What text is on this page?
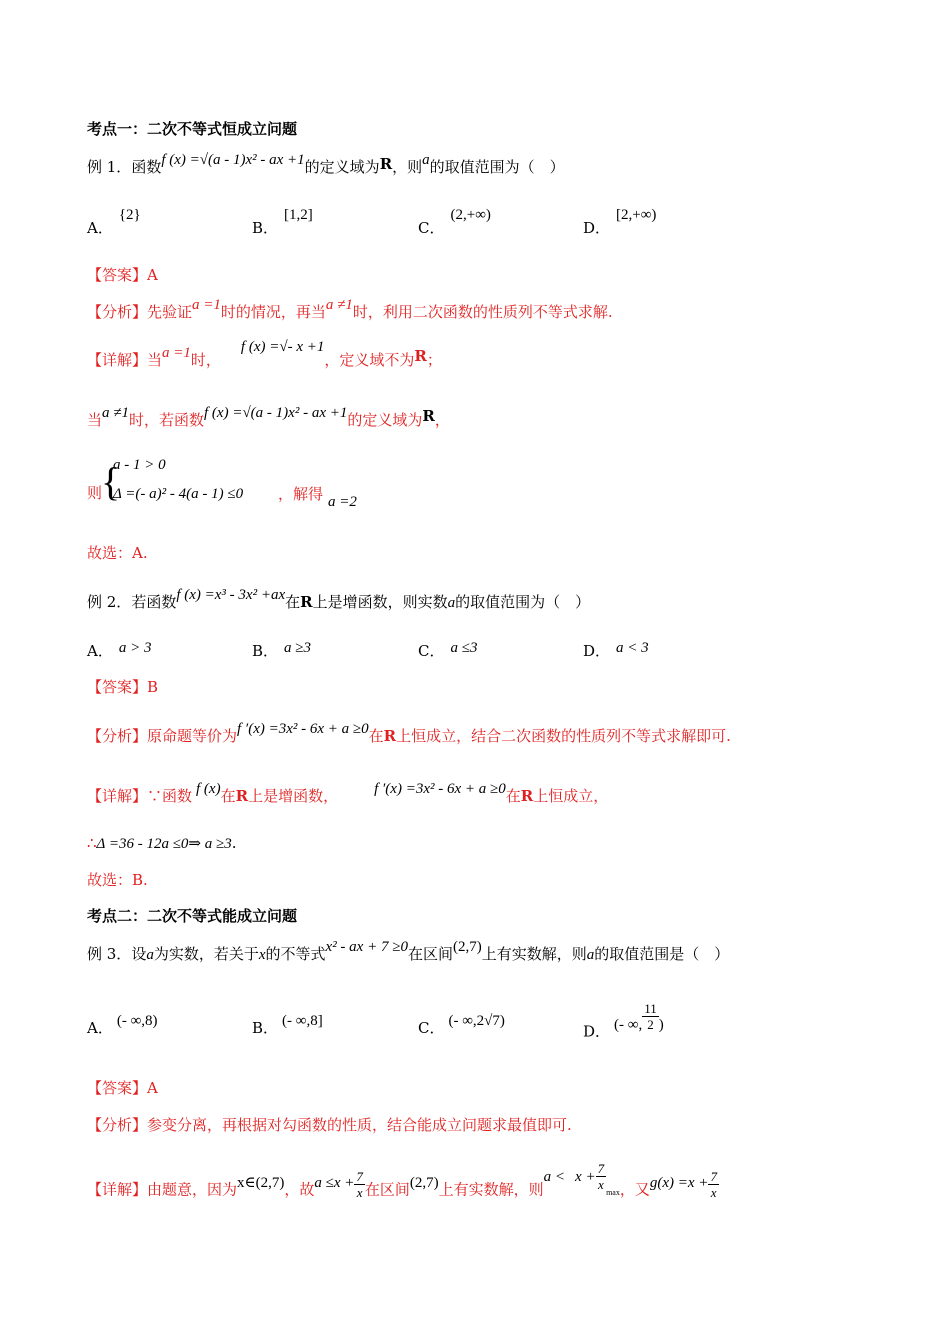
考点一：二次不等式恒成立问题
例 1．函数f (x) =√(a - 1)x² - ax +1的定义域为R，则a的取值范围为（　）
A．{2}
B．[1,2]
C．(2,+∞)
D．[2,+∞)
【答案】A
【分析】先验证a =1时的情况，再当a ≠1时，利用二次函数的性质列不等式求解.
【详解】当a =1时，f (x) =√- x +1，定义域不为R；
当a ≠1时，若函数f (x) =√(a - 1)x² - ax +1的定义域为R，
则
{
a - 1 > 0
Δ =(- a)² - 4(a - 1) ≤0 ，解得 a =2
故选：A.
例 2．若函数f (x) =x³ - 3x² +ax在R上是增函数，则实数a的取值范围为（　）
A． a > 3	B． a ≥3	C． a ≤3	D． a < 3
【答案】B
【分析】原命题等价为f ′(x) =3x² - 6x + a ≥0在R上恒成立，结合二次函数的性质列不等式求解即可.
【详解】∵函数 f (x)在R上是增函数， f ′(x) =3x² - 6x + a ≥0在R上恒成立，
∴Δ =36 - 12a ≤0⇒ a ≥3.
故选：B.
考点二：二次不等式能成立问题
例 3．设a为实数，若关于x的不等式x² - ax + 7 ≥0在区间(2,7)上有实数解，则a的取值范围是（　）
A． (- ∞,8)	B． (- ∞,8]	C． (- ∞,2√7)
D． (- ∞, $\frac{11}{2}$ )
【答案】A
【分析】参变分离，再根据对勾函数的性质，结合能成立问题求最值即可.
【详解】由题意，因为x∈(2,7)，故$a \le x + \frac{7}{x}$ 在区间(2,7)上有实数解，则$a < x + \frac{7}{x}$ max，又$g(x) =x + \frac{7}{x}$
